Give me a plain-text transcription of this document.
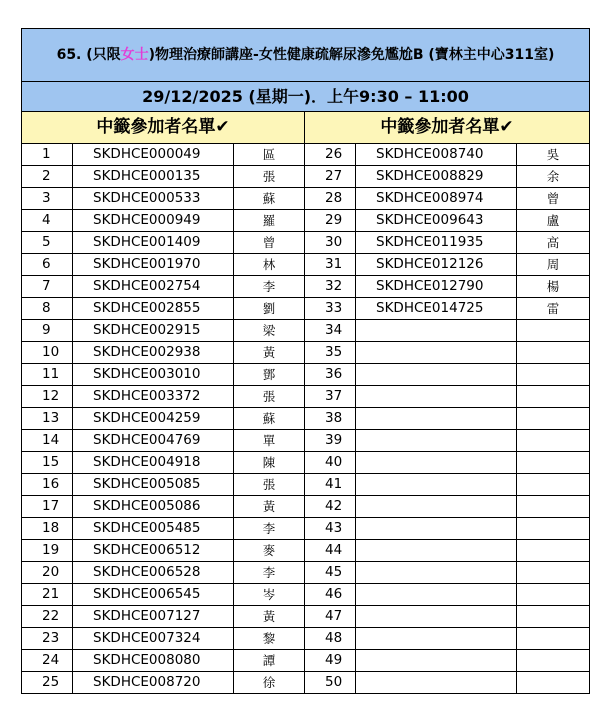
65. (只限女士)物理治療師講座-女性健康疏解尿滲免尷尬B (寶林主中心311室)					
29/12/2025 (星期一)．上午9:30 – 11:00					
中籤參加者名單✔			中籤參加者名單✔		
1	SKDHCE000049	區	26	SKDHCE008740	吳
2	SKDHCE000135	張	27	SKDHCE008829	余
3	SKDHCE000533	蘇	28	SKDHCE008974	曾
4	SKDHCE000949	羅	29	SKDHCE009643	盧
5	SKDHCE001409	曾	30	SKDHCE011935	高
6	SKDHCE001970	林	31	SKDHCE012126	周
7	SKDHCE002754	李	32	SKDHCE012790	楊
8	SKDHCE002855	劉	33	SKDHCE014725	雷
9	SKDHCE002915	梁	34		
10	SKDHCE002938	黃	35		
11	SKDHCE003010	鄧	36		
12	SKDHCE003372	張	37		
13	SKDHCE004259	蘇	38		
14	SKDHCE004769	單	39		
15	SKDHCE004918	陳	40		
16	SKDHCE005085	張	41		
17	SKDHCE005086	黃	42		
18	SKDHCE005485	李	43		
19	SKDHCE006512	麥	44		
20	SKDHCE006528	李	45		
21	SKDHCE006545	岑	46		
22	SKDHCE007127	黃	47		
23	SKDHCE007324	黎	48		
24	SKDHCE008080	譚	49		
25	SKDHCE008720	徐	50		
